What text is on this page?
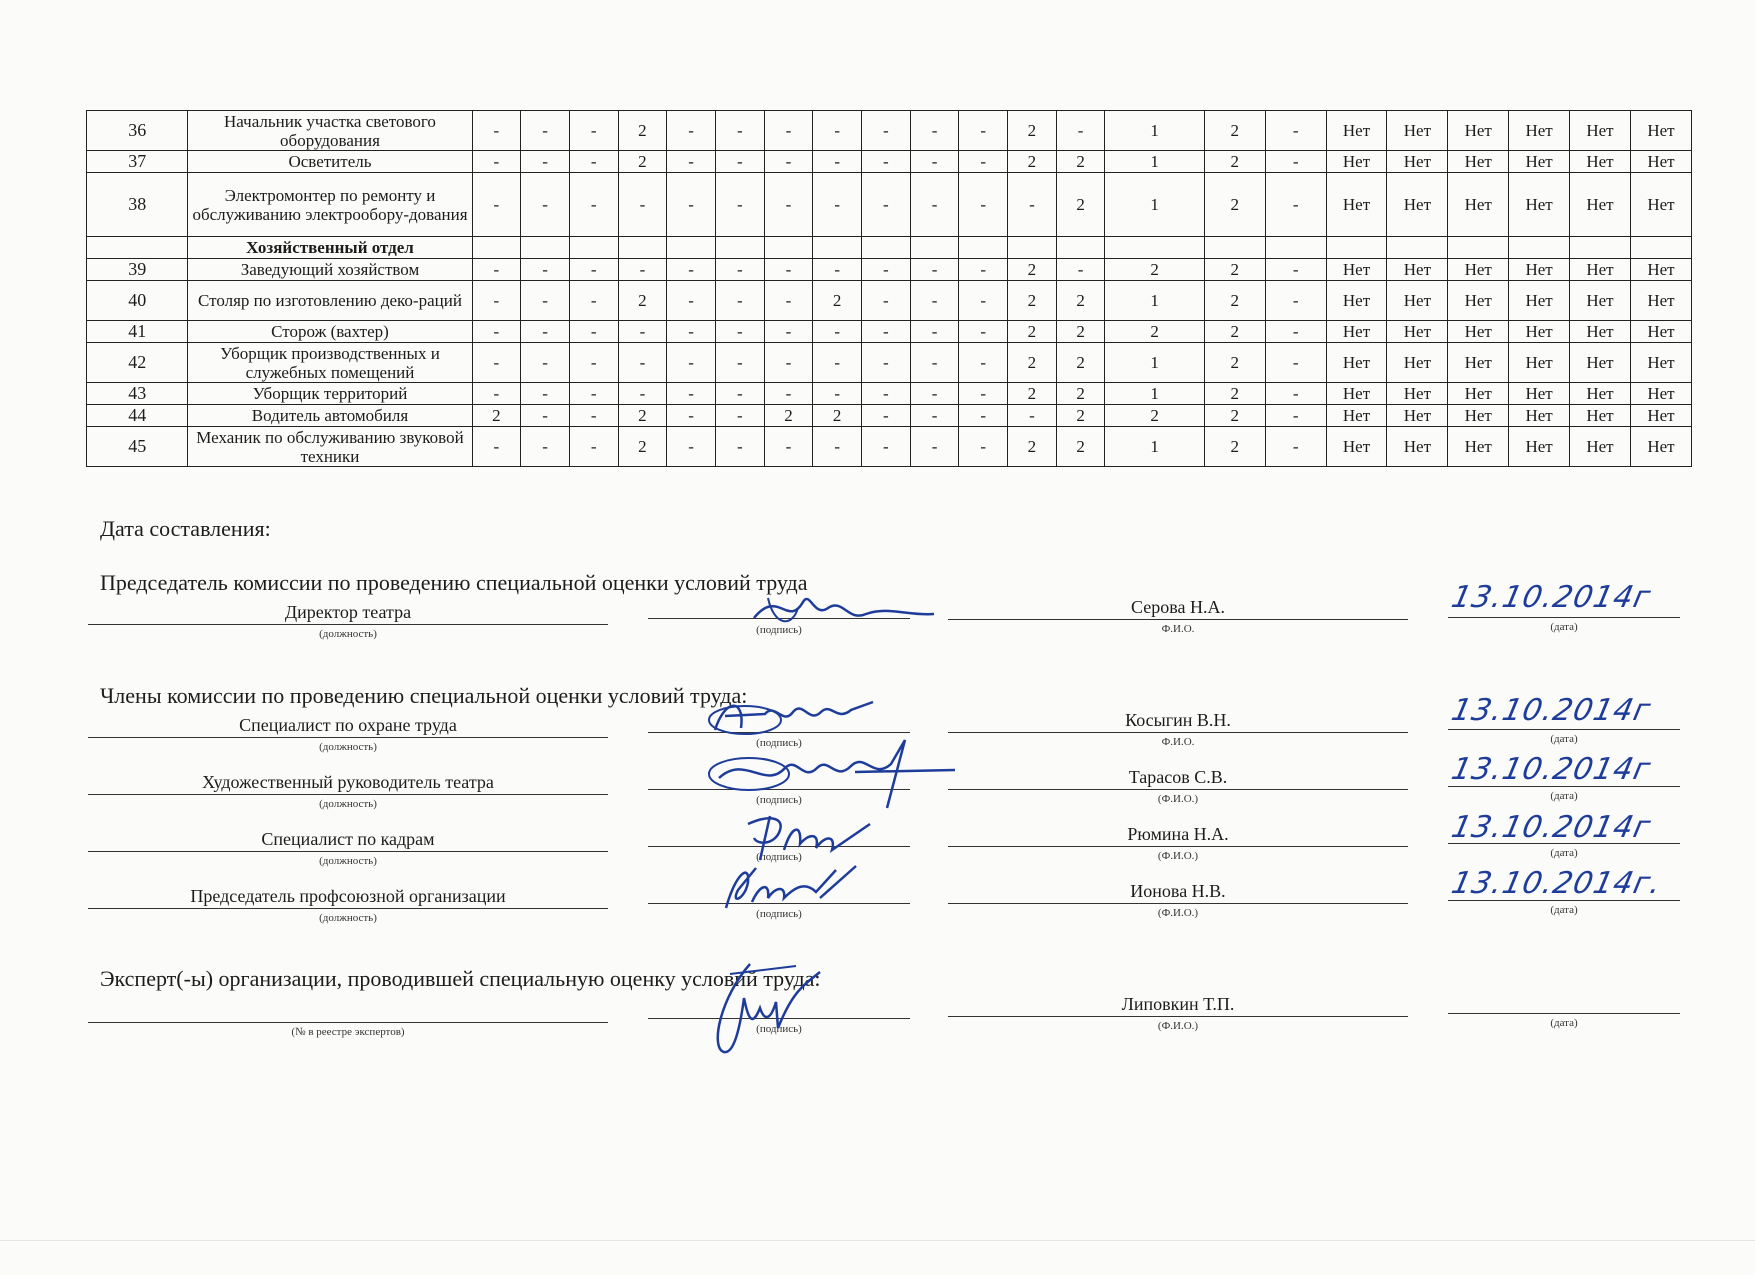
36	Начальник участка светового оборудования	-	-	-	2	-	-	-	-	-	-	-	2	-	1	2	-	Нет	Нет	Нет	Нет	Нет	Нет
37	Осветитель	-	-	-	2	-	-	-	-	-	-	-	2	2	1	2	-	Нет	Нет	Нет	Нет	Нет	Нет
38	Электромонтер по ремонту и обслуживанию электрообору-дования	-	-	-	-	-	-	-	-	-	-	-	-	2	1	2	-	Нет	Нет	Нет	Нет	Нет	Нет
	Хозяйственный отдел																						
39	Заведующий хозяйством	-	-	-	-	-	-	-	-	-	-	-	2	-	2	2	-	Нет	Нет	Нет	Нет	Нет	Нет
40	Столяр по изготовлению деко-раций	-	-	-	2	-	-	-	2	-	-	-	2	2	1	2	-	Нет	Нет	Нет	Нет	Нет	Нет
41	Сторож (вахтер)	-	-	-	-	-	-	-	-	-	-	-	2	2	2	2	-	Нет	Нет	Нет	Нет	Нет	Нет
42	Уборщик производственных и служебных помещений	-	-	-	-	-	-	-	-	-	-	-	2	2	1	2	-	Нет	Нет	Нет	Нет	Нет	Нет
43	Уборщик территорий	-	-	-	-	-	-	-	-	-	-	-	2	2	1	2	-	Нет	Нет	Нет	Нет	Нет	Нет
44	Водитель автомобиля	2	-	-	2	-	-	2	2	-	-	-	-	2	2	2	-	Нет	Нет	Нет	Нет	Нет	Нет
45	Механик по обслуживанию звуковой техники	-	-	-	2	-	-	-	-	-	-	-	2	2	1	2	-	Нет	Нет	Нет	Нет	Нет	Нет
Дата составления:
Председатель комиссии по проведению специальной оценки условий труда
Директор театра
(должность)	(подпись)
Серова Н.А.
Ф.И.О.
13.10.2014г
(дата)
Члены комиссии по проведению специальной оценки условий труда:
Специалист по охране труда
(должность)	(подпись)
Косыгин В.Н.
Ф.И.О.
13.10.2014г
(дата)
Художественный руководитель театра
(должность)	(подпись)
Тарасов С.В.
(Ф.И.О.)
13.10.2014г
(дата)
Специалист по кадрам
(должность)	(подпись)
Рюмина Н.А.
(Ф.И.О.)
13.10.2014г
(дата)
Председатель профсоюзной организации
(должность)	(подпись)
Ионова Н.В.
(Ф.И.О.)
13.10.2014г.
(дата)
Эксперт(-ы) организации, проводившей специальную оценку условий труда:
(№ в реестре экспертов)	(подпись)
Липовкин Т.П.
(Ф.И.О.)	(дата)
